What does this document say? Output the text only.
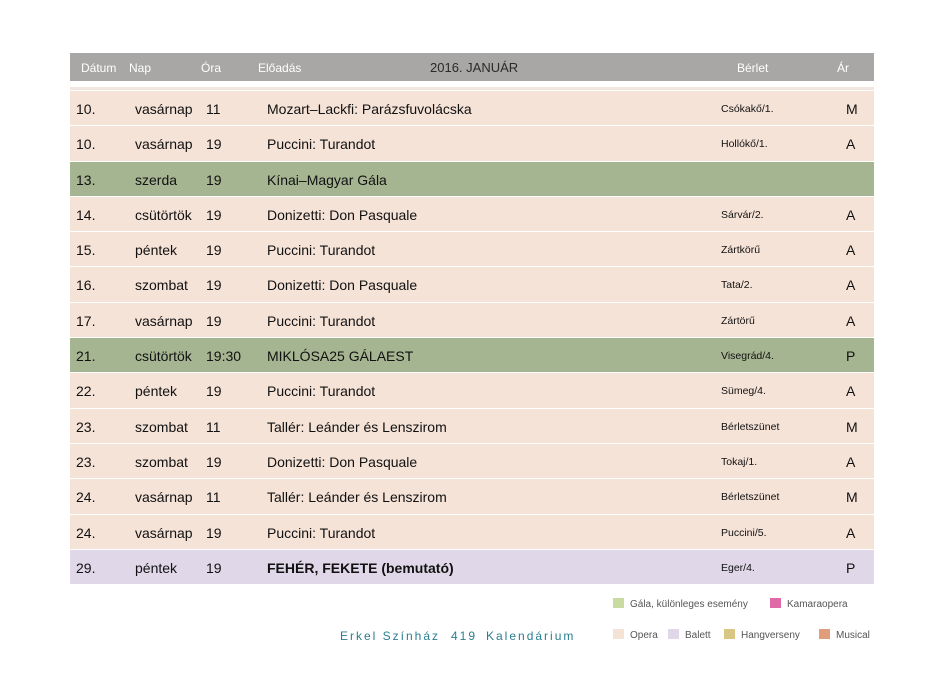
Dátum Nap	Óra	Előadás	2016. JANUÁR	Bérlet	Ár
10.	vasárnap 11	Mozart–Lackfi: Parázsfuvolácska	Csókakő/1.	M
10.	vasárnap 19	Puccini: Turandot	Hollókő/1.	A
13.	szerda 19	Kínai–Magyar Gála
14.	csütörtök 19	Donizetti: Don Pasquale	Sárvár/2.	A
15.	péntek 19	Puccini: Turandot	Zártkörű	A
16.	szombat 19	Donizetti: Don Pasquale	Tata/2.	A
17.	vasárnap 19	Puccini: Turandot	Zártörű	A
21.	csütörtök 19:30 MIKLÓSA25 GÁLAEST	Visegrád/4.	P
22.	péntek 19	Puccini: Turandot	Sümeg/4.	A
23.	szombat 11	Tallér: Leánder és Lenszirom	Bérletszünet	M
23.	szombat 19	Donizetti: Don Pasquale	Tokaj/1.	A
24.	vasárnap 11	Tallér: Leánder és Lenszirom	Bérletszünet	M
24.	vasárnap 19	Puccini: Turandot	Puccini/5.	A
29.	péntek 19	FEHÉR, FEKETE (bemutató)	Eger/4.	P
Gála, különleges esemény	Kamaraopera
Opera	Balett	Hangverseny	Musical
Erkel Színház 419 Kalendárium
